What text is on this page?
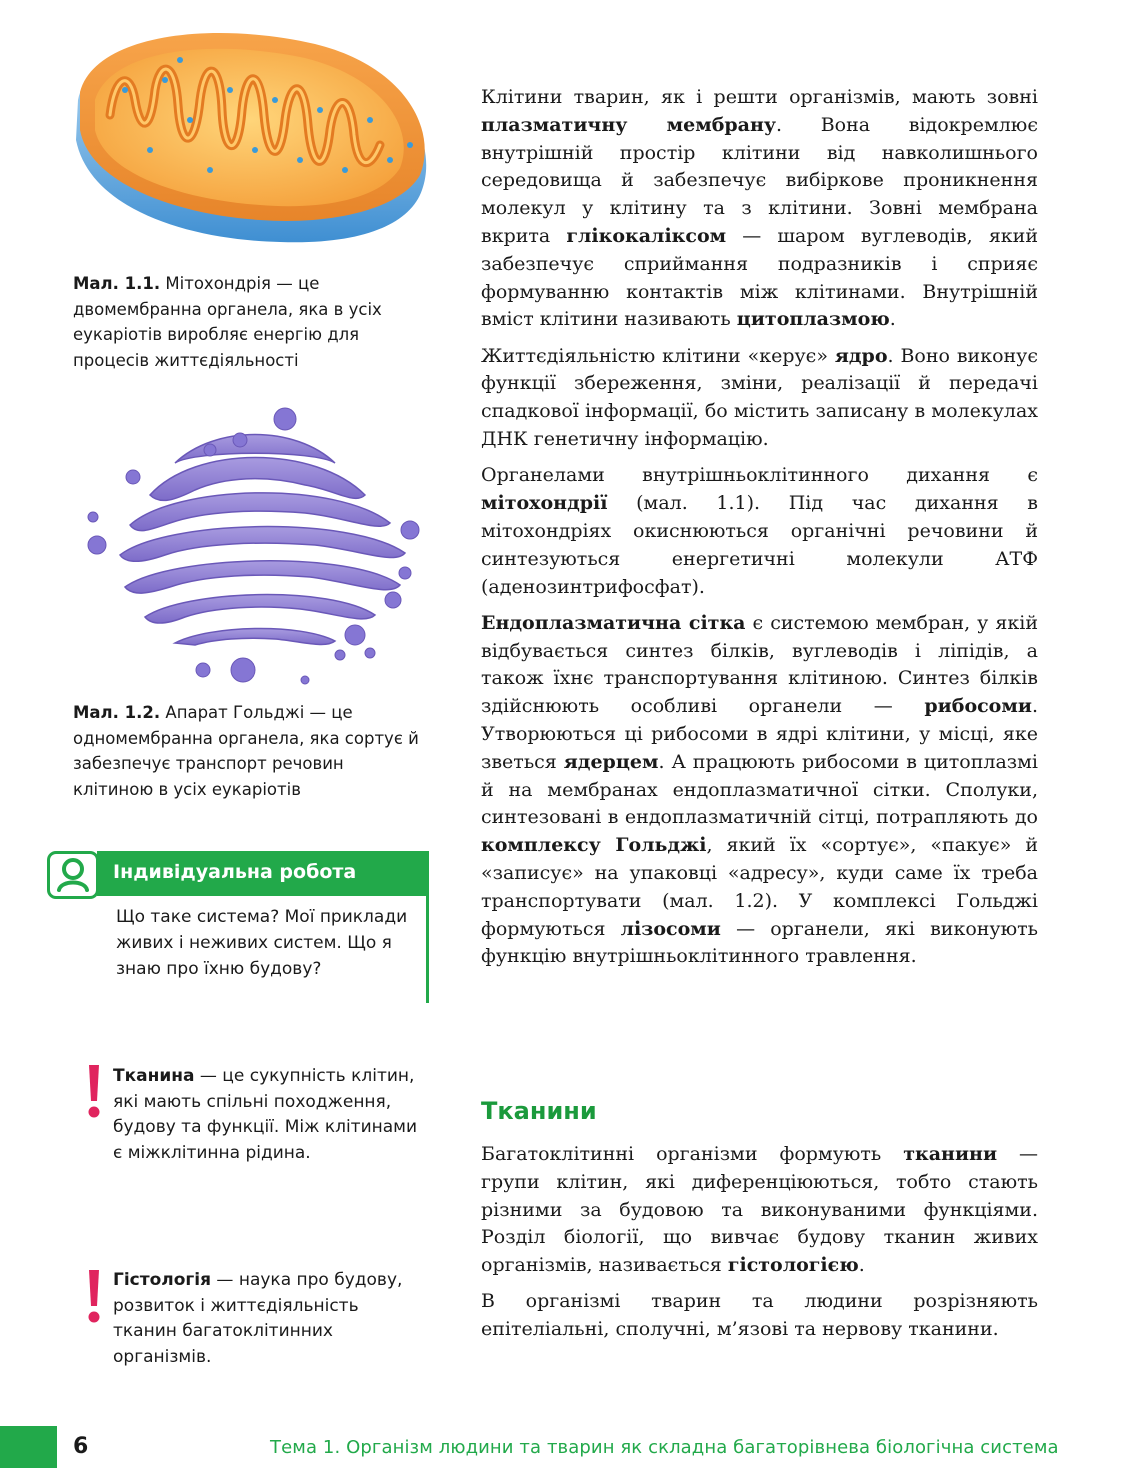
Мал. 1.1. Мітохондрія — це двомембранна органела, яка в усіх еукаріотів виробляє енергію для процесів життєдіяльності
Мал. 1.2. Апарат Гольджі — це одномембранна органела, яка сортує й забезпечує транспорт речовин клітиною в усіх еукаріотів
Індивідуальна робота
Що таке система? Мої приклади живих і неживих систем. Що я знаю про їхню будову?
Тканина — це сукупність клітин, які мають спільні походження, будову та функції. Між клітинами є міжклітинна рідина.
Гістологія — наука про будову, розвиток і життєдіяльність тканин багатоклітинних організмів.

Клітини тварин, як і решти організмів, мають зовні плазматичну мембрану. Вона відокремлює внутрішній простір клітини від навколишнього середовища й забезпечує вибіркове проникнення молекул у клітину та з клітини. Зовні мембрана вкрита глікокаліксом — шаром вуглеводів, який забезпечує сприймання подразників і сприяє формуванню контактів між клітинами. Внутрішній вміст клітини називають цитоплазмою.

Життєдіяльністю клітини «керує» ядро. Воно виконує функції збереження, зміни, реалізації й передачі спадкової інформації, бо містить записану в молекулах ДНК генетичну інформацію.

Органелами внутрішньоклітинного дихання є мітохондрії (мал. 1.1). Під час дихання в мітохондріях окиснюються органічні речовини й синтезуються енергетичні молекули АТФ (аденозинтрифосфат).

Ендоплазматична сітка є системою мембран, у якій відбувається синтез білків, вуглеводів і ліпідів, а також їхнє транспортування клітиною. Синтез білків здійснюють особливі органели — рибосоми. Утворюються ці рибосоми в ядрі клітини, у місці, яке зветься ядерцем. А працюють рибосоми в цитоплазмі й на мембранах ендоплазматичної сітки. Сполуки, синтезовані в ендоплазматичній сітці, потрапляють до комплексу Гольджі, який їх «сортує», «пакує» й «записує» на упаковці «адресу», куди саме їх треба транспортувати (мал. 1.2). У комплексі Гольджі формуються лізосоми — органели, які виконують функцію внутрішньоклітинного травлення.

Тканини

Багатоклітинні організми формують тканини — групи клітин, які диференціюються, тобто стають різними за будовою та виконуваними функціями. Розділ біології, що вивчає будову тканин живих організмів, називається гістологією.

В організмі тварин та людини розрізняють епітеліальні, сполучні, м’язові та нервову тканини.

6	Тема 1. Організм людини та тварин як складна багаторівнева біологічна система
